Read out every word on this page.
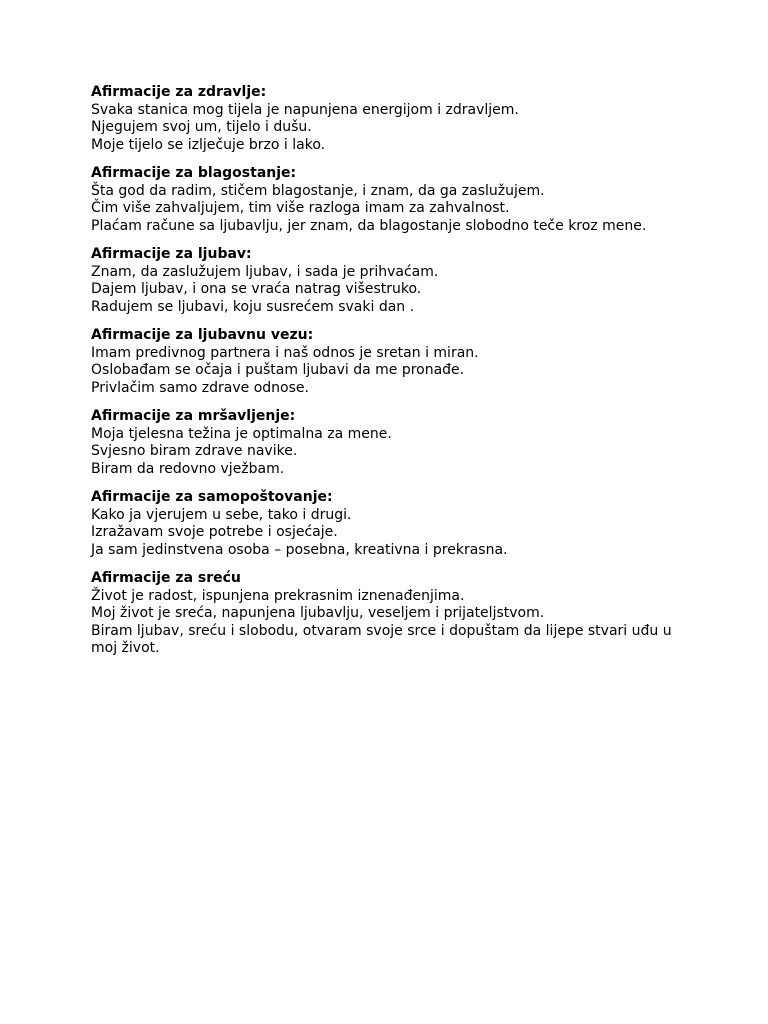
Afirmacije za zdravlje:

Svaka stanica mog tijela je napunjena energijom i zdravljem.

Njegujem svoj um, tijelo i dušu.

Moje tijelo se izlječuje brzo i lako.

Afirmacije za blagostanje:

Šta god da radim, stičem blagostanje, i znam, da ga zaslužujem.

Čim više zahvaljujem, tim više razloga imam za zahvalnost.

Plaćam račune sa ljubavlju, jer znam, da blagostanje slobodno teče kroz mene.

Afirmacije za ljubav:

Znam, da zaslužujem ljubav, i sada je prihvaćam.

Dajem ljubav, i ona se vraća natrag višestruko.

Radujem se ljubavi, koju susrećem svaki dan .

Afirmacije za ljubavnu vezu:

Imam predivnog partnera i naš odnos je sretan i miran.

Oslobađam se očaja i puštam ljubavi da me pronađe.

Privlačim samo zdrave odnose.

Afirmacije za mršavljenje:

Moja tjelesna težina je optimalna za mene.

Svjesno biram zdrave navike.

Biram da redovno vježbam.

Afirmacije za samopoštovanje:

Kako ja vjerujem u sebe, tako i drugi.

Izražavam svoje potrebe i osjećaje.

Ja sam jedinstvena osoba – posebna, kreativna i prekrasna.

Afirmacije za sreću

Život je radost, ispunjena prekrasnim iznenađenjima.

Moj život je sreća, napunjena ljubavlju, veseljem i prijateljstvom.

Biram ljubav, sreću i slobodu, otvaram svoje srce i dopuštam da lijepe stvari uđu u moj život.
